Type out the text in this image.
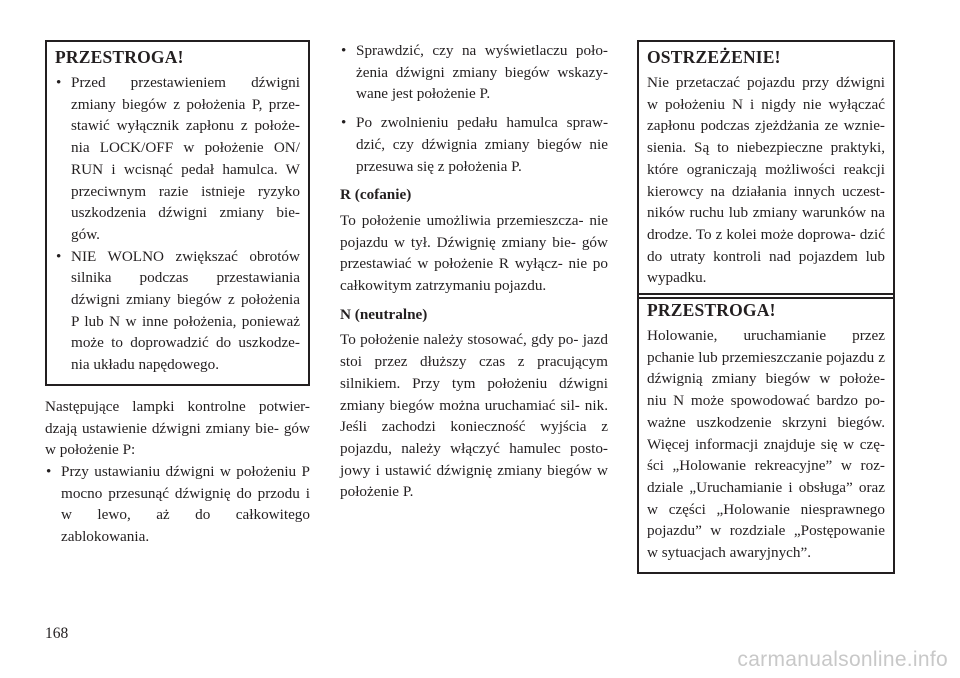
PRZESTROGA!
• Przed przestawieniem dźwigni zmiany biegów z położenia P, prze- stawić wyłącznik zapłonu z położe- nia LOCK/OFF w położenie ON/ RUN i wcisnąć pedał hamulca. W przeciwnym razie istnieje ryzyko uszkodzenia dźwigni zmiany bie- gów.
• NIE WOLNO zwiększać obrotów silnika podczas przestawiania dźwigni zmiany biegów z położenia P lub N w inne położenia, ponieważ może to doprowadzić do uszkodze- nia układu napędowego.

Następujące lampki kontrolne potwier- dzają ustawienie dźwigni zmiany bie- gów w położenie P:

• Przy ustawianiu dźwigni w położeniu P mocno przesunąć dźwignię do przodu i w lewo, aż do całkowitego zablokowania.
• Sprawdzić, czy na wyświetlaczu poło- żenia dźwigni zmiany biegów wskazy- wane jest położenie P.
• Po zwolnieniu pedału hamulca spraw- dzić, czy dźwignia zmiany biegów nie przesuwa się z położenia P.
R (cofanie)

To położenie umożliwia przemieszcza- nie pojazdu w tył. Dźwignię zmiany bie- gów przestawiać w położenie R wyłącz- nie po całkowitym zatrzymaniu pojazdu.

N (neutralne)

To położenie należy stosować, gdy po- jazd stoi przez dłuższy czas z pracującym silnikiem. Przy tym położeniu dźwigni zmiany biegów można uruchamiać sil- nik. Jeśli zachodzi konieczność wyjścia z pojazdu, należy włączyć hamulec posto- jowy i ustawić dźwignię zmiany biegów w położenie P.

OSTRZEŻENIE!

Nie przetaczać pojazdu przy dźwigni w położeniu N i nigdy nie wyłączać zapłonu podczas zjeżdżania ze wznie- sienia. Są to niebezpieczne praktyki, które ograniczają możliwości reakcji kierowcy na działania innych uczest- ników ruchu lub zmiany warunków na drodze. To z kolei może doprowa- dzić do utraty kontroli nad pojazdem lub wypadku.

PRZESTROGA!

Holowanie, uruchamianie przez pchanie lub przemieszczanie pojazdu z dźwignią zmiany biegów w położe- niu N może spowodować bardzo po- ważne uszkodzenie skrzyni biegów. Więcej informacji znajduje się w czę- ści „Holowanie rekreacyjne” w roz- dziale „Uruchamianie i obsługa” oraz w części „Holowanie niesprawnego pojazdu” w rozdziale „Postępowanie w sytuacjach awaryjnych”.

168
carmanualsonline.info
